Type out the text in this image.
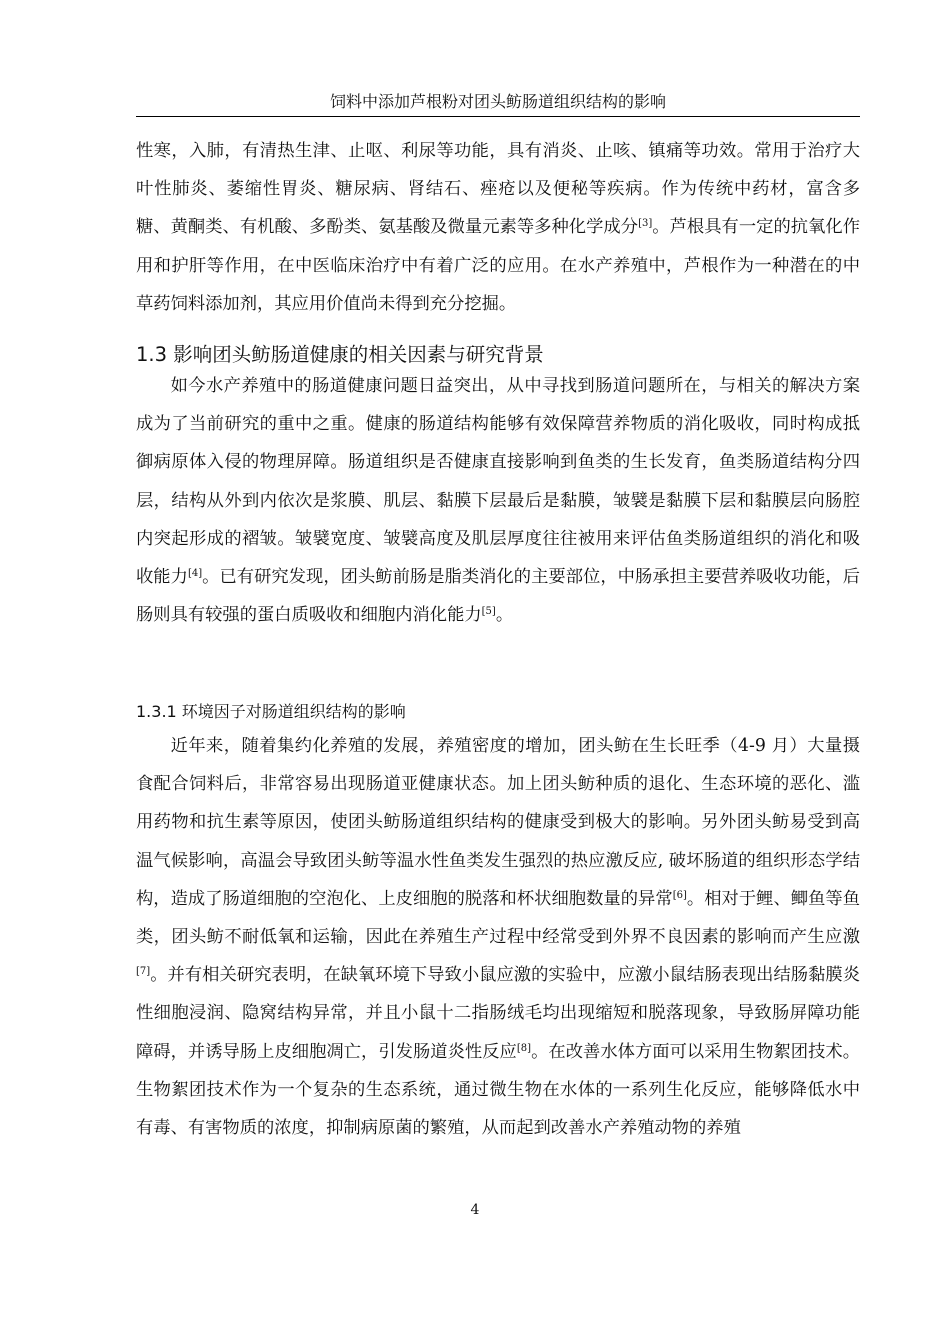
饲料中添加芦根粉对团头鲂肠道组织结构的影响

性寒，入肺，有清热生津、止呕、利尿等功能，具有消炎、止咳、镇痛等功效。常用于治疗大叶性肺炎、萎缩性胃炎、糖尿病、肾结石、痤疮以及便秘等疾病。作为传统中药材，富含多糖、黄酮类、有机酸、多酚类、氨基酸及微量元素等多种化学成分[3]。芦根具有一定的抗氧化作用和护肝等作用，在中医临床治疗中有着广泛的应用。在水产养殖中，芦根作为一种潜在的中草药饲料添加剂，其应用价值尚未得到充分挖掘。

1.3 影响团头鲂肠道健康的相关因素与研究背景

如今水产养殖中的肠道健康问题日益突出，从中寻找到肠道问题所在，与相关的解决方案成为了当前研究的重中之重。健康的肠道结构能够有效保障营养物质的消化吸收，同时构成抵御病原体入侵的物理屏障。肠道组织是否健康直接影响到鱼类的生长发育，鱼类肠道结构分四层，结构从外到内依次是浆膜、肌层、黏膜下层最后是黏膜，皱襞是黏膜下层和黏膜层向肠腔内突起形成的褶皱。皱襞宽度、皱襞高度及肌层厚度往往被用来评估鱼类肠道组织的消化和吸收能力[4]。已有研究发现，团头鲂前肠是脂类消化的主要部位，中肠承担主要营养吸收功能，后肠则具有较强的蛋白质吸收和细胞内消化能力[5]。

1.3.1 环境因子对肠道组织结构的影响

近年来，随着集约化养殖的发展，养殖密度的增加，团头鲂在生长旺季（4-9 月）大量摄食配合饲料后，非常容易出现肠道亚健康状态。加上团头鲂种质的退化、生态环境的恶化、滥用药物和抗生素等原因，使团头鲂肠道组织结构的健康受到极大的影响。另外团头鲂易受到高温气候影响，高温会导致团头鲂等温水性鱼类发生强烈的热应激反应, 破坏肠道的组织形态学结构，造成了肠道细胞的空泡化、上皮细胞的脱落和杯状细胞数量的异常[6]。相对于鲤、鲫鱼等鱼类，团头鲂不耐低氧和运输，因此在养殖生产过程中经常受到外界不良因素的影响而产生应激[7]。并有相关研究表明，在缺氧环境下导致小鼠应激的实验中，应激小鼠结肠表现出结肠黏膜炎性细胞浸润、隐窝结构异常，并且小鼠十二指肠绒毛均出现缩短和脱落现象，导致肠屏障功能障碍，并诱导肠上皮细胞凋亡，引发肠道炎性反应[8]。在改善水体方面可以采用生物絮团技术。生物絮团技术作为一个复杂的生态系统，通过微生物在水体的一系列生化反应，能够降低水中有毒、有害物质的浓度，抑制病原菌的繁殖，从而起到改善水产养殖动物的养殖

4
